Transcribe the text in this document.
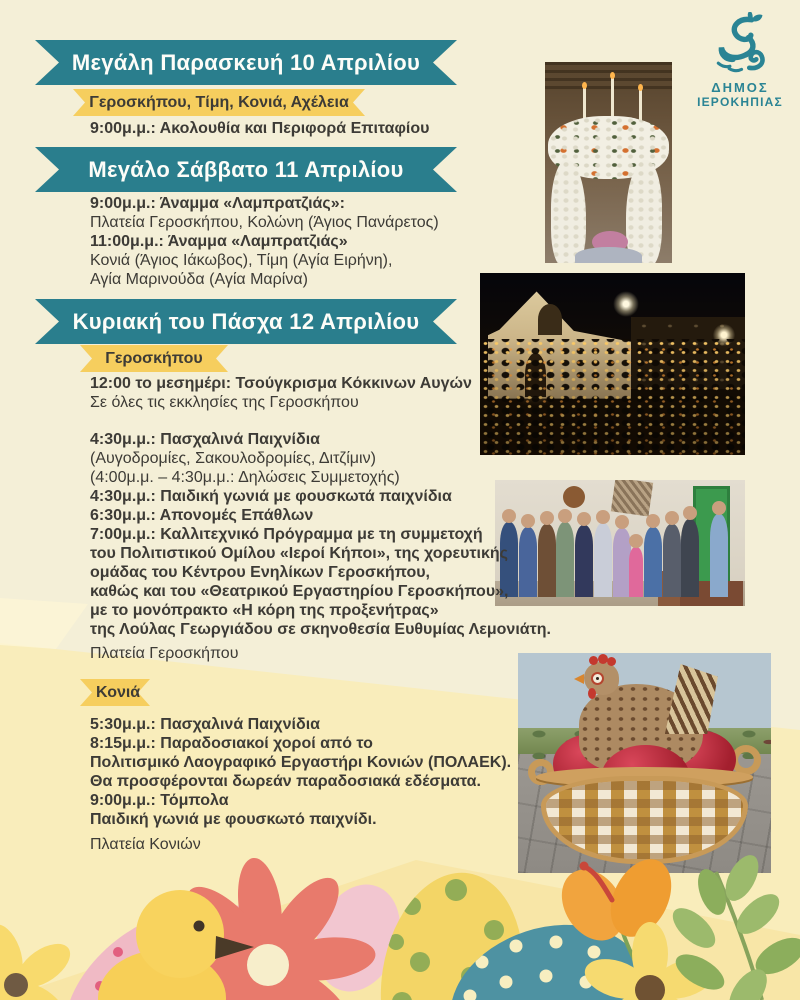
Μεγάλη Παρασκευή 10 Απριλίου
Γεροσκήπου, Τίμη, Κονιά, Αχέλεια
9:00μ.μ.: Ακολουθία και Περιφορά Επιταφίου
Μεγάλο Σάββατο 11 Απριλίου
9:00μ.μ.: Άναμμα «Λαμπρατζιάς»:
Πλατεία Γεροσκήπου, Κολώνη (Άγιος Πανάρετος)
11:00μ.μ.: Άναμμα «Λαμπρατζιάς»
Κονιά (Άγιος Ιάκωβος), Τίμη (Αγία Ειρήνη),
Αγία Μαρινούδα (Αγία Μαρίνα)
Κυριακή του Πάσχα 12 Απριλίου
Γεροσκήπου
12:00 το μεσημέρι: Τσούγκρισμα Κόκκινων Αυγών
Σε όλες τις εκκλησίες της Γεροσκήπου
4:30μ.μ.: Πασχαλινά Παιχνίδια
(Αυγοδρομίες, Σακουλοδρομίες, Διτζίμιν)
(4:00μ.μ. – 4:30μ.μ.: Δηλώσεις Συμμετοχής)
4:30μ.μ.: Παιδική γωνιά με φουσκωτά παιχνίδια
6:30μ.μ.: Απονομές Επάθλων
7:00μ.μ.: Καλλιτεχνικό Πρόγραμμα με τη συμμετοχή
του Πολιτιστικού Ομίλου «Ιεροί Κήποι», της χορευτικής
ομάδας του Κέντρου Ενηλίκων Γεροσκήπου,
καθώς και του «Θεατρικού Εργαστηρίου Γεροσκήπου»,
με το μονόπρακτο «Η κόρη της προξενήτρας»
της Λούλας Γεωργιάδου σε σκηνοθεσία Ευθυμίας Λεμονιάτη.
Πλατεία Γεροσκήπου
Κονιά
5:30μ.μ.: Πασχαλινά Παιχνίδια
8:15μ.μ.: Παραδοσιακοί χοροί από το
Πολιτισμικό Λαογραφικό Εργαστήρι Κονιών (ΠΟΛΑΕΚ).
Θα προσφέρονται δωρεάν παραδοσιακά εδέσματα.
9:00μ.μ.: Τόμπολα
Παιδική γωνιά με φουσκωτό παιχνίδι.
Πλατεία Κονιών
ΔΗΜΟΣ
ΙΕΡΟΚΗΠΙΑΣ
